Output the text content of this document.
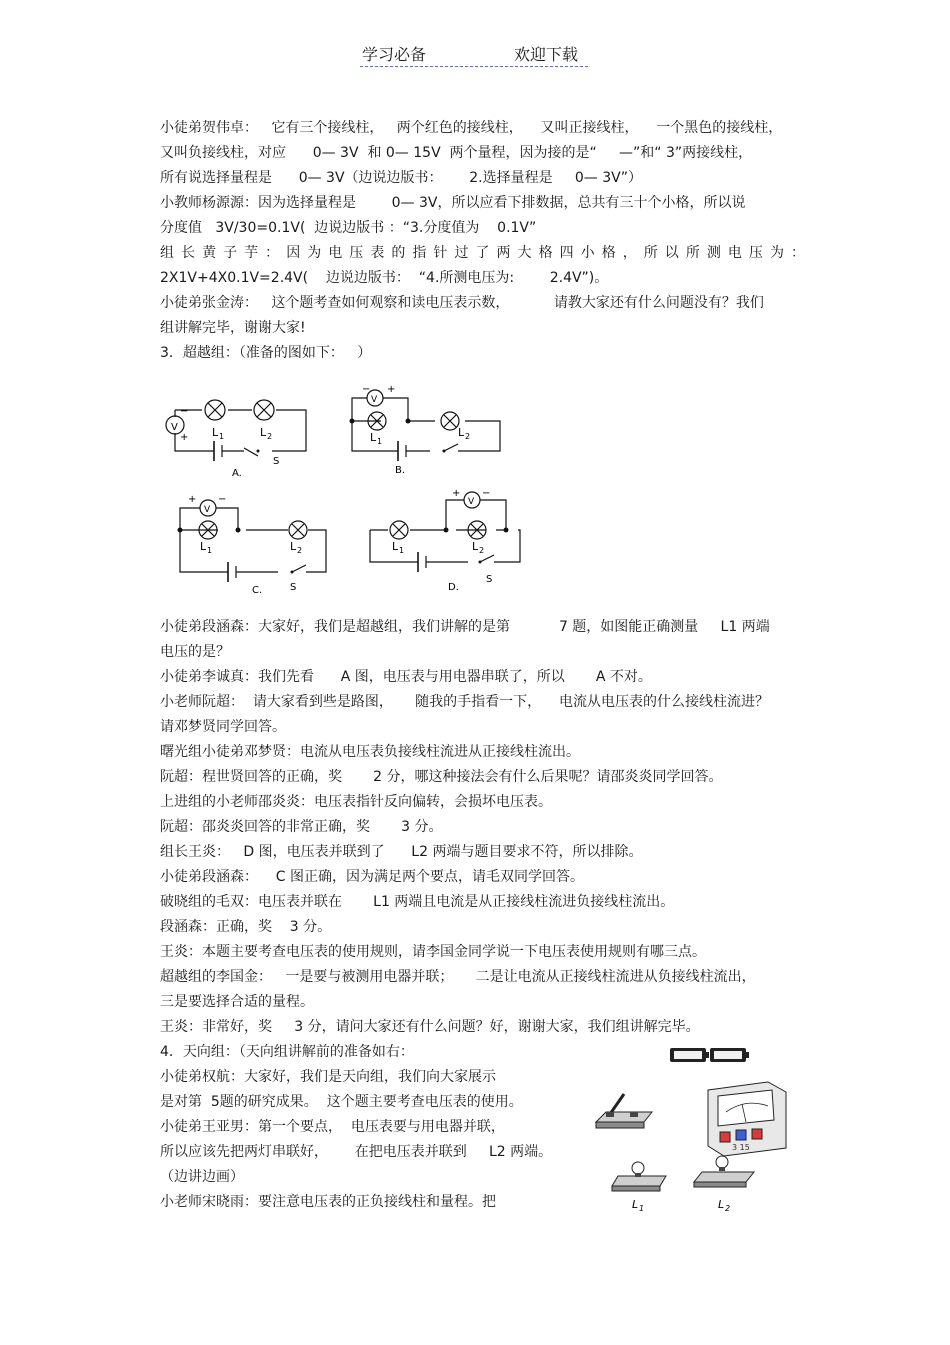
学习必备	欢迎下载
小徒弟贺伟卓：   它有三个接线柱，   两个红色的接线柱，    又叫正接线柱，    一个黑色的接线柱，
又叫负接线柱，对应      0— 3V  和 0— 15V  两个量程，因为接的是“     —”和“ 3”两接线柱，
所有说选择量程是      0— 3V（边说边版书：      2.选择量程是     0— 3V”）
小教师杨源源：因为选择量程是        0— 3V，所以应看下排数据，总共有三十个小格，所以说
分度值   3V/30=0.1V(  边说边版书 ：“3.分度值为    0.1V”
组 长 黄 子 芋 ： 因 为 电 压 表 的 指 针 过 了 两 大 格 四 小 格 ， 所 以 所 测 电 压 为 ：
2X1V+4X0.1V=2.4V(    边说边版书：  “4.所测电压为:        2.4V”)。
小徒弟张金涛：   这个题考查如何观察和读电压表示数，          请教大家还有什么问题没有？我们
组讲解完毕，谢谢大家!
3．超越组：（准备的图如下：   ）
V
−
+ L 1	L 2
S
A.
V
− +
L 1
L 2
B.
V
+ −
L 1	L 2
S
C.
V
+ −
L 1	L 2
S
D.
小徒弟段涵森：大家好，我们是超越组，我们讲解的是第           7 题，如图能正确测量     L1 两端
电压的是？
小徒弟李诚真：我们先看      A 图，电压表与用电器串联了，所以       A 不对。
小老师阮超：  请大家看到些是路图，     随我的手指看一下，    电流从电压表的什么接线柱流进？
请邓梦贤同学回答。
曙光组小徒弟邓梦贤：电流从电压表负接线柱流进从正接线柱流出。
阮超：程世贤回答的正确，奖       2 分，哪这种接法会有什么后果呢？请邵炎炎同学回答。
上进组的小老师邵炎炎：电压表指针反向偏转，会损坏电压表。
阮超：邵炎炎回答的非常正确，奖       3 分。
组长王炎：   D 图，电压表并联到了      L2 两端与题目要求不符，所以排除。
小徒弟段涵森：    C 图正确，因为满足两个要点，请毛双同学回答。
破晓组的毛双：电压表并联在       L1 两端且电流是从正接线柱流进负接线柱流出。
段涵森：正确，奖    3 分。
王炎：本题主要考查电压表的使用规则，请李国金同学说一下电压表使用规则有哪三点。
超越组的李国金：   一是要与被测用电器并联；     二是让电流从正接线柱流进从负接线柱流出，
三是要选择合适的量程。
王炎：非常好，奖     3 分，请问大家还有什么问题？好，谢谢大家，我们组讲解完毕。
4．天向组：（天向组讲解前的准备如右：
小徒弟权航：大家好，我们是天向组，我们向大家展示
是对第  5题的研究成果。  这个题主要考查电压表的使用。
小徒弟王亚男：第一个要点，  电压表要与用电器并联，
所以应该先把两灯串联好，      在把电压表并联到     L2 两端。
（边讲边画）
小老师宋晓雨：要注意电压表的正负接线柱和量程。把
3 15
L 1	L 2
